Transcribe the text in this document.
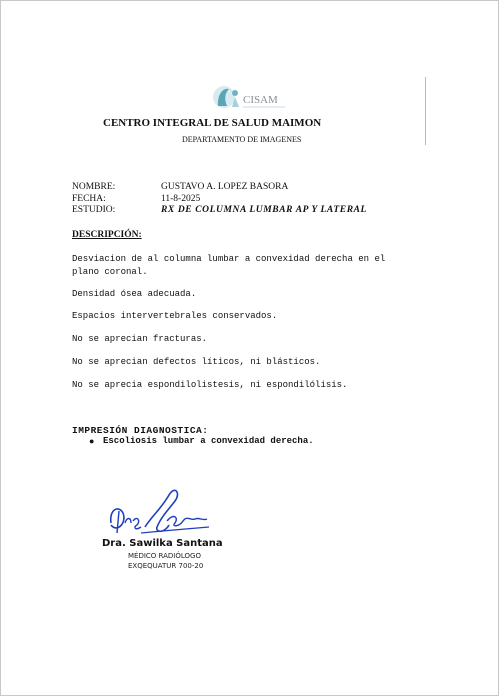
CISAM
CENTRO INTEGRAL DE SALUD MAIMON
DEPARTAMENTO DE IMAGENES
NOMBRE:	GUSTAVO A. LOPEZ BASORA
FECHA:	11-8-2025
ESTUDIO:	RX DE COLUMNA LUMBAR AP Y LATERAL
DESCRIPCIÓN:
Desviacion de al columna lumbar a convexidad derecha en el plano coronal.
Densidad ósea adecuada.
Espacios intervertebrales conservados.
No se aprecian fracturas.
No se aprecian defectos líticos, ni blásticos.
No se aprecia espondilolistesis, ni espondilólisis.
IMPRESIÓN DIAGNOSTICA:
● Escoliosis lumbar a convexidad derecha.
Dra. Sawilka Santana
MÉDICO RADIÓLOGO
EXQEQUATUR 700-20
